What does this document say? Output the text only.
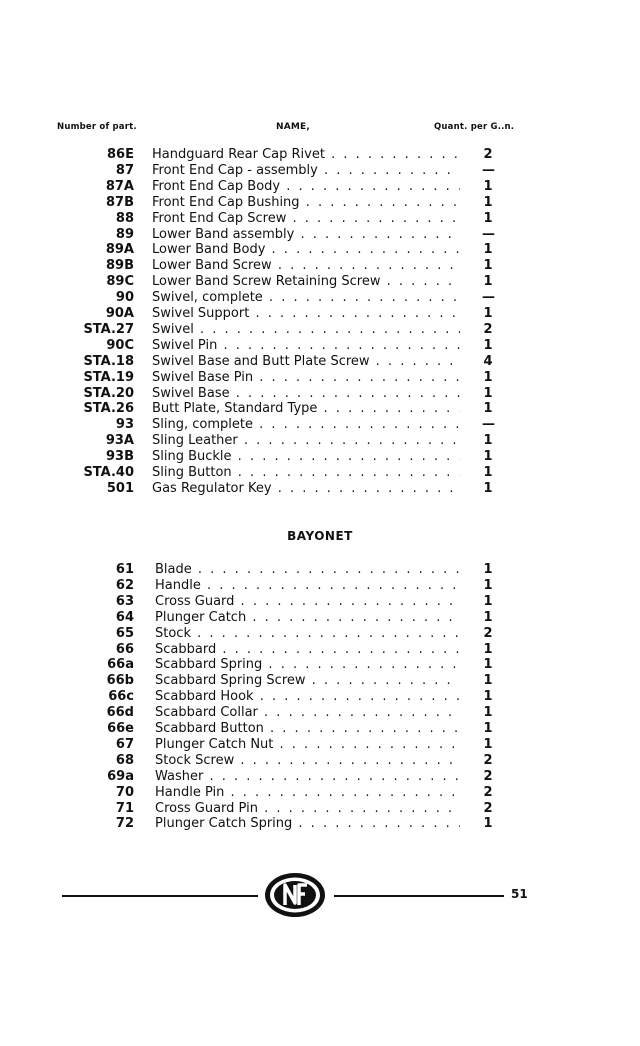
Number of part.	NAME,	Quant. per G..n.
86E Handguard Rear Cap Rivet . . .	2
87 Front End Cap - assembly . . .	—
87A Front End Cap Body . . .	1
87B Front End Cap Bushing . . .	1
88 Front End Cap Screw . . .	1
89 Lower Band assembly . . .	—
89A Lower Band Body . . .	1
89B Lower Band Screw . . .	1
89C Lower Band Screw Retaining Screw . . .	1
90 Swivel, complete . . .	—
90A Swivel Support . . .	1
STA.27 Swivel . . .	2
90C Swivel Pin . . .	1
STA.18 Swivel Base and Butt Plate Screw . . .	4
STA.19 Swivel Base Pin . . .	1
STA.20 Swivel Base . . .	1
STA.26 Butt Plate, Standard Type . . .	1
93 Sling, complete . . .	—
93A Sling Leather . . .	1
93B Sling Buckle . . .	1
STA.40 Sling Button . . .	1
501 Gas Regulator Key . . .	1
BAYONET
61 Blade . . .	1
62 Handle . . .	1
63 Cross Guard . . .	1
64 Plunger Catch . . .	1
65 Stock . . .	2
66 Scabbard . . .	1
66a Scabbard Spring . . .	1
66b Scabbard Spring Screw . . .	1
66c Scabbard Hook . . .	1
66d Scabbard Collar . . .	1
66e Scabbard Button . . .	1
67 Plunger Catch Nut . . .	1
68 Stock Screw . . .	2
69a Washer . . .	2
70 Handle Pin . . .	2
71 Cross Guard Pin . . .	2
72 Plunger Catch Spring . . .	1
51
